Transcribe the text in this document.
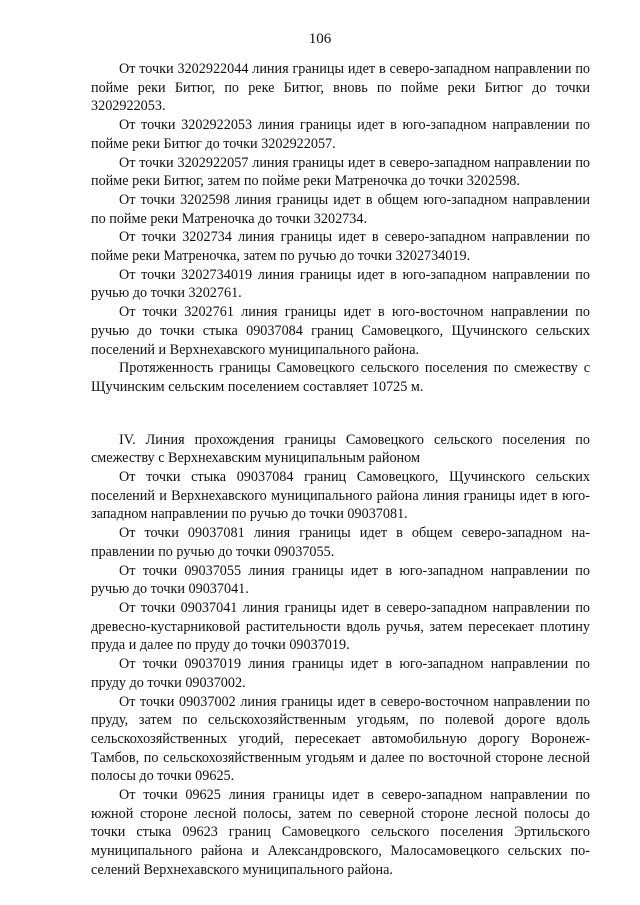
106

От точки 3202922044 линия границы идет в северо-западном направлении по пойме реки Битюг, по реке Битюг, вновь по пойме реки Битюг до точки 3202922053.

От точки 3202922053 линия границы идет в юго-западном направлении по пойме реки Битюг до точки 3202922057.

От точки 3202922057 линия границы идет в северо-западном направлении по пойме реки Битюг, затем по пойме реки Матреночка до точки 3202598.

От точки 3202598 линия границы идет в общем юго-западном направлении по пойме реки Матреночка до точки 3202734.

От точки 3202734 линия границы идет в северо-западном направлении по пойме реки Матреночка, затем по ручью до точки 3202734019.

От точки 3202734019 линия границы идет в юго-западном направлении по ручью до точки 3202761.

От точки 3202761 линия границы идет в юго-восточном направлении по ручью до точки стыка 09037084 границ Самовецкого, Щучинского сельских поселений и Верхнехавского муниципального района.

Протяженность границы Самовецкого сельского поселения по смежеству с Щучинским сельским поселением составляет 10725 м.

IV. Линия прохождения границы Самовецкого сельского поселения по смежеству с Верхнехавским муниципальным районом

От точки стыка 09037084 границ Самовецкого, Щучинского сельских поселений и Верхнехавского муниципального района линия границы идет в юго-западном направлении по ручью до точки 09037081.

От точки 09037081 линия границы идет в общем северо-западном направлении по ручью до точки 09037055.

От точки 09037055 линия границы идет в юго-западном направлении по ручью до точки 09037041.

От точки 09037041 линия границы идет в северо-западном направлении по древесно-кустарниковой растительности вдоль ручья, затем пересекает плотину пруда и далее по пруду до точки 09037019.

От точки 09037019 линия границы идет в юго-западном направлении по пруду до точки 09037002.

От точки 09037002 линия границы идет в северо-восточном направлении по пруду, затем по сельскохозяйственным угодьям, по полевой дороге вдоль сельскохозяйственных угодий, пересекает автомобильную дорогу Воронеж-Тамбов, по сельскохозяйственным угодьям и далее по восточной стороне лесной полосы до точки 09625.

От точки 09625 линия границы идет в северо-западном направлении по южной стороне лесной полосы, затем по северной стороне лесной полосы до точки стыка 09623 границ Самовецкого сельского поселения Эртильского муниципального района и Александровского, Малосамовецкого сельских поселений Верхнехавского муниципального района.
